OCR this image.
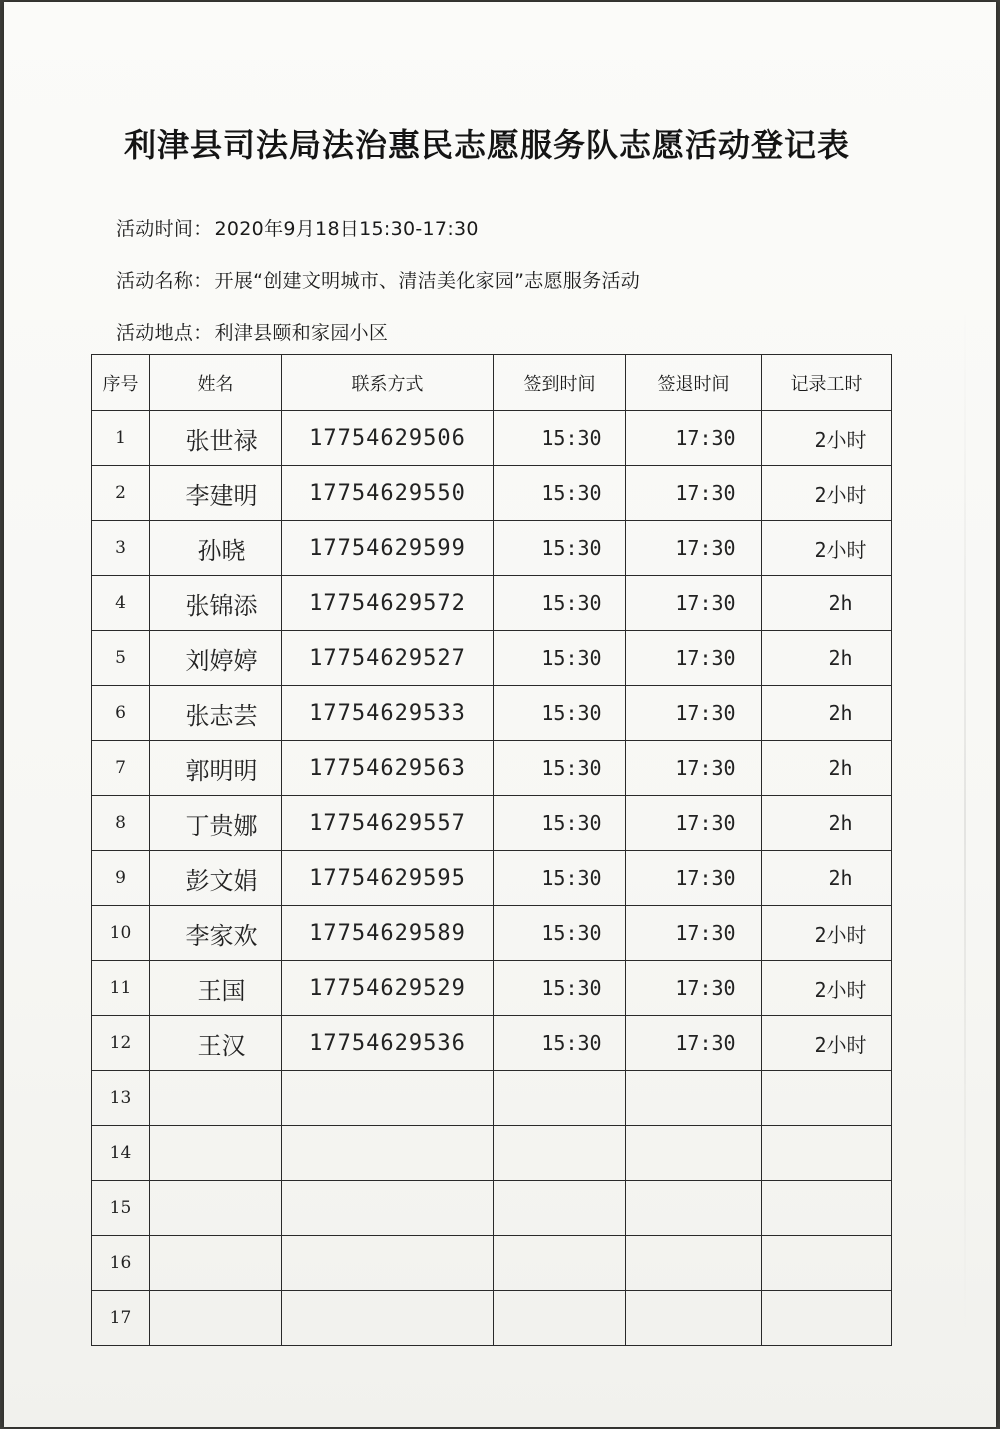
利津县司法局法治惠民志愿服务队志愿活动登记表
活动时间： 2020年9月18日15:30-17:30
活动名称： 开展“创建文明城市、清洁美化家园”志愿服务活动
活动地点： 利津县颐和家园小区
序号	姓名	联系方式	签到时间	签退时间	记录工时
1	张世禄	17754629506	15:30	17:30	2小时
2	李建明	17754629550	15:30	17:30	2小时
3	孙晓	17754629599	15:30	17:30	2小时
4	张锦添	17754629572	15:30	17:30	2h
5	刘婷婷	17754629527	15:30	17:30	2h
6	张志芸	17754629533	15:30	17:30	2h
7	郭明明	17754629563	15:30	17:30	2h
8	丁贵娜	17754629557	15:30	17:30	2h
9	彭文娟	17754629595	15:30	17:30	2h
10	李家欢	17754629589	15:30	17:30	2小时
11	王国	17754629529	15:30	17:30	2小时
12	王汉	17754629536	15:30	17:30	2小时
13					
14					
15					
16					
17					
